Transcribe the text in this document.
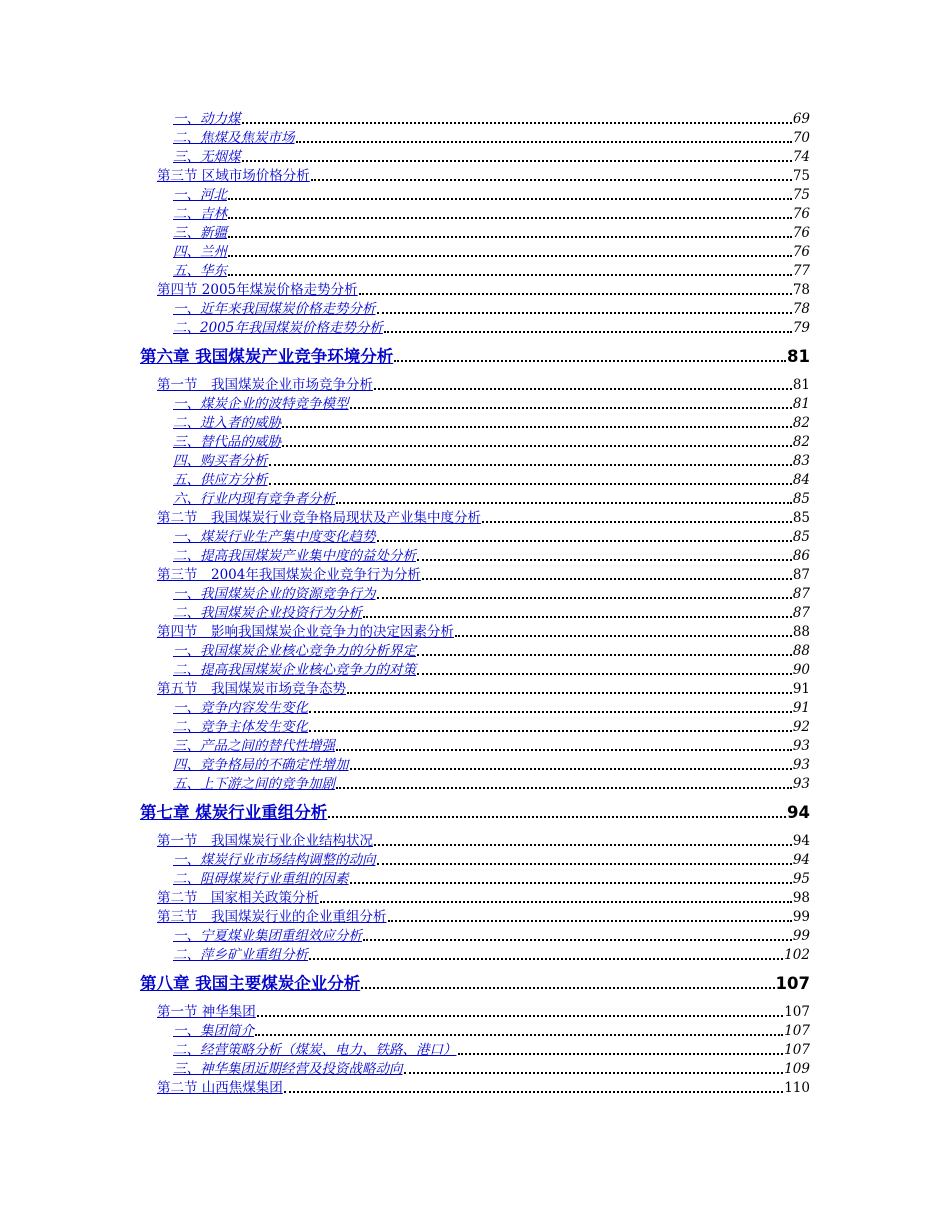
一、动力煤	69
二、焦煤及焦炭市场	70
三、无烟煤	74
第三节 区域市场价格分析	75
一、河北	75
二、吉林	76
三、新疆	76
四、兰州	76
五、华东	77
第四节 2005年煤炭价格走势分析	78
一、近年来我国煤炭价格走势分析	78
二、2005年我国煤炭价格走势分析	79
第六章 我国煤炭产业竞争环境分析	81
第一节　我国煤炭企业市场竞争分析	81
一、煤炭企业的波特竞争模型	81
二、进入者的威胁	82
三、替代品的威胁	82
四、购买者分析	83
五、供应方分析	84
六、行业内现有竞争者分析	85
第二节　我国煤炭行业竞争格局现状及产业集中度分析	85
一、煤炭行业生产集中度变化趋势	85
二、提高我国煤炭产业集中度的益处分析	86
第三节　2004年我国煤炭企业竞争行为分析	87
一、我国煤炭企业的资源竞争行为	87
二、我国煤炭企业投资行为分析	87
第四节　影响我国煤炭企业竞争力的决定因素分析	88
一、我国煤炭企业核心竞争力的分析界定	88
二、提高我国煤炭企业核心竞争力的对策	90
第五节　我国煤炭市场竞争态势	91
一、竞争内容发生变化	91
二、竞争主体发生变化	92
三、产品之间的替代性增强	93
四、竞争格局的不确定性增加	93
五、上下游之间的竞争加剧	93
第七章 煤炭行业重组分析	94
第一节　我国煤炭行业企业结构状况	94
一、煤炭行业市场结构调整的动向	94
二、阻碍煤炭行业重组的因素	95
第二节　国家相关政策分析	98
第三节　我国煤炭行业的企业重组分析	99
一、宁夏煤业集团重组效应分析	99
二、萍乡矿业重组分析	102
第八章 我国主要煤炭企业分析	107
第一节 神华集团	107
一、集团简介	107
二、经营策略分析（煤炭、电力、铁路、港口）	107
三、神华集团近期经营及投资战略动向	109
第二节 山西焦煤集团	110
